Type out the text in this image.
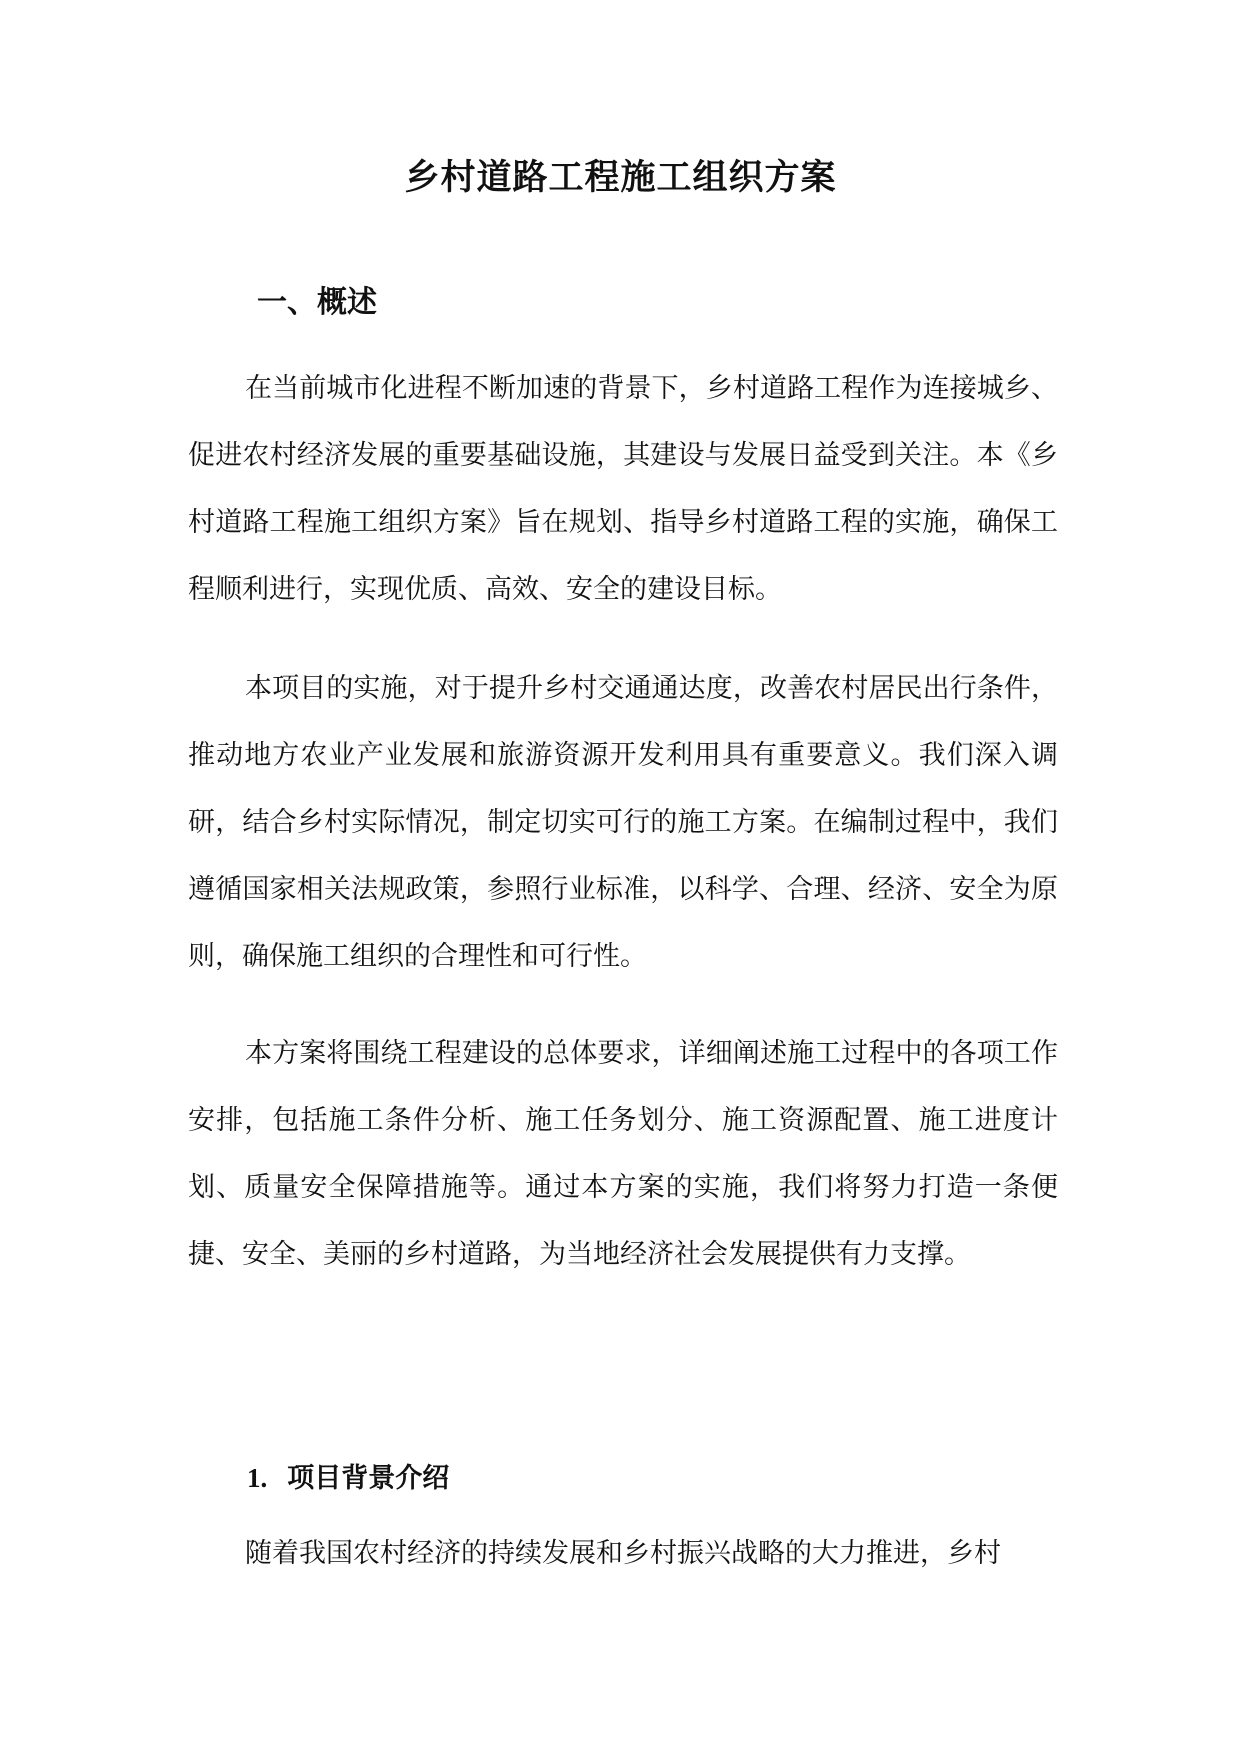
乡村道路工程施工组织方案
一、概述

在当前城市化进程不断加速的背景下，乡村道路工程作为连接城乡、促进农村经济发展的重要基础设施，其建设与发展日益受到关注。本《乡村道路工程施工组织方案》旨在规划、指导乡村道路工程的实施，确保工程顺利进行，实现优质、高效、安全的建设目标。

本项目的实施，对于提升乡村交通通达度，改善农村居民出行条件，推动地方农业产业发展和旅游资源开发利用具有重要意义。我们深入调研，结合乡村实际情况，制定切实可行的施工方案。在编制过程中，我们遵循国家相关法规政策，参照行业标准，以科学、合理、经济、安全为原则，确保施工组织的合理性和可行性。

本方案将围绕工程建设的总体要求，详细阐述施工过程中的各项工作安排，包括施工条件分析、施工任务划分、施工资源配置、施工进度计划、质量安全保障措施等。通过本方案的实施，我们将努力打造一条便捷、安全、美丽的乡村道路，为当地经济社会发展提供有力支撑。

1. 项目背景介绍

随着我国农村经济的持续发展和乡村振兴战略的大力推进，乡村
